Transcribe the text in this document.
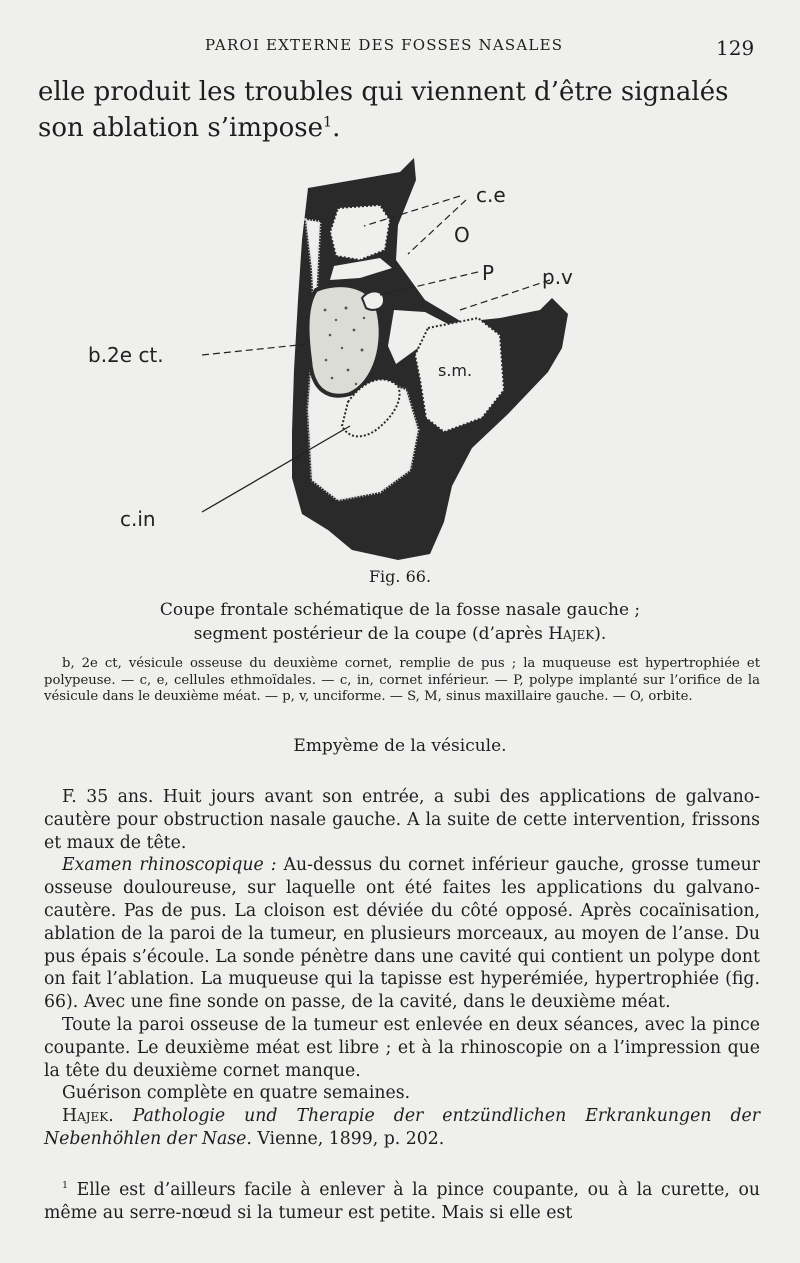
PAROI EXTERNE DES FOSSES NASALES	129

elle produit les troubles qui viennent d’être signalés

son ablation s’impose$^1$.

c.e
O
P p.v
b.2e ct.
s.m.
c.in
Fig. 66.
Coupe frontale schématique de la fosse nasale gauche ;
segment postérieur de la coupe (d’après Hajek).

b, 2e ct, vésicule osseuse du deuxième cornet, remplie de pus ; la muqueuse est hypertrophiée et polypeuse. — c, e, cellules ethmoïdales. — c, in, cornet inférieur. — P, polype implanté sur l’orifice de la vésicule dans le deuxième méat. — p, v, unciforme. — S, M, sinus maxillaire gauche. — O, orbite.

Empyème de la vésicule.

F. 35 ans. Huit jours avant son entrée, a subi des applications de galvano-cautère pour obstruction nasale gauche. A la suite de cette intervention, frissons et maux de tête.

Examen rhinoscopique : Au-dessus du cornet inférieur gauche, grosse tumeur osseuse douloureuse, sur laquelle ont été faites les applications du galvano-cautère. Pas de pus. La cloison est déviée du côté opposé. Après cocaïnisation, ablation de la paroi de la tumeur, en plusieurs morceaux, au moyen de l’anse. Du pus épais s’écoule. La sonde pénètre dans une cavité qui contient un polype dont on fait l’ablation. La muqueuse qui la tapisse est hyperémiée, hypertrophiée (fig. 66). Avec une fine sonde on passe, de la cavité, dans le deuxième méat.

Toute la paroi osseuse de la tumeur est enlevée en deux séances, avec la pince coupante. Le deuxième méat est libre ; et à la rhinoscopie on a l’impression que la tête du deuxième cornet manque.

Guérison complète en quatre semaines.

Hajek. Pathologie und Therapie der entzündlichen Erkrankungen der Nebenhöhlen der Nase. Vienne, 1899, p. 202.

$^1$ Elle est d’ailleurs facile à enlever à la pince coupante, ou à la curette, ou même au serre-nœud si la tumeur est petite. Mais si elle est
